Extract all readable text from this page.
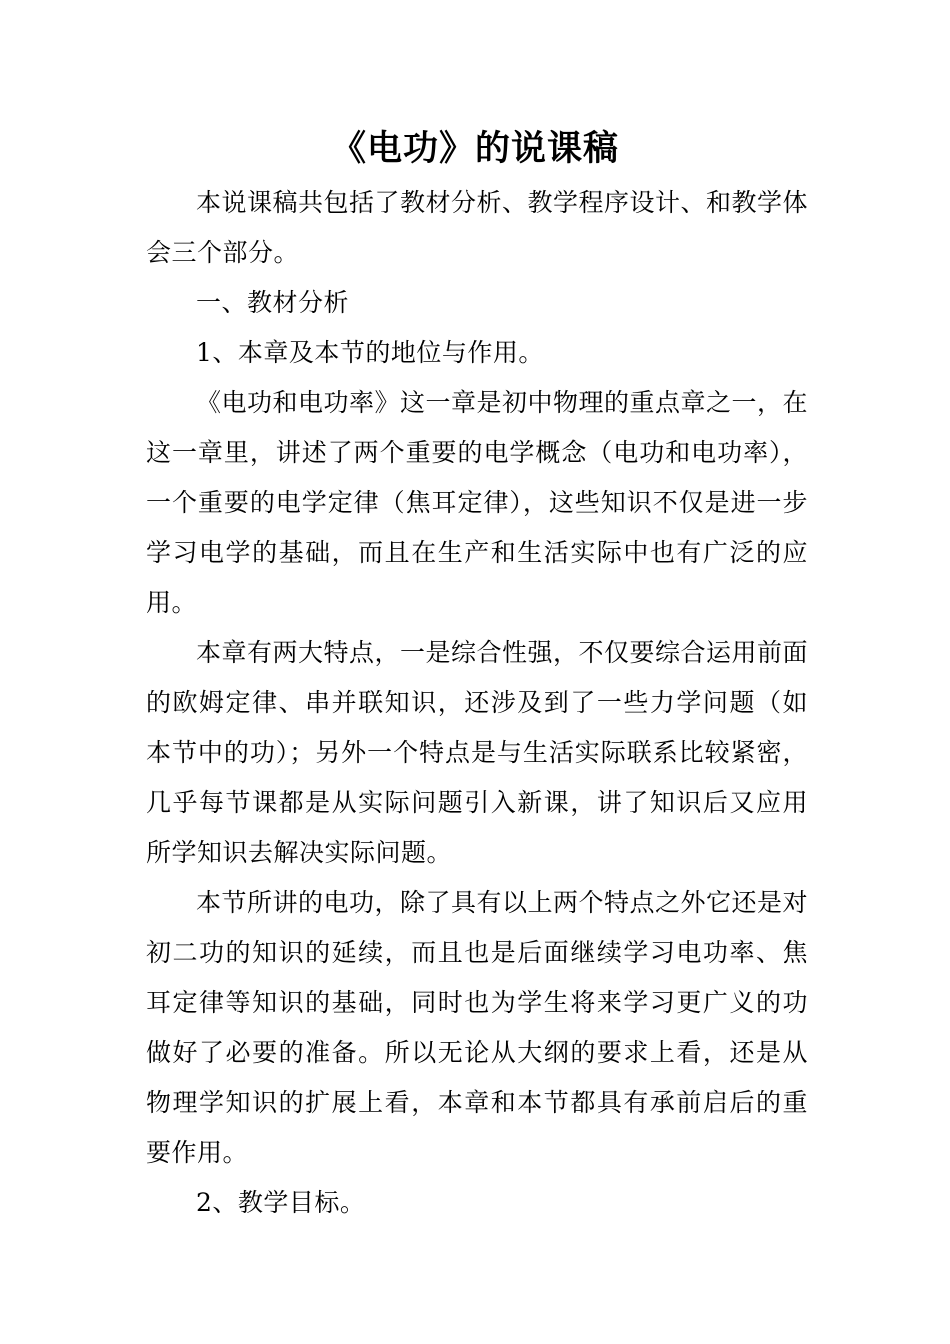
《电功》的说课稿

本说课稿共包括了教材分析、教学程序设计、和教学体会三个部分。

一、教材分析

1、本章及本节的地位与作用。

《电功和电功率》这一章是初中物理的重点章之一，在这一章里，讲述了两个重要的电学概念（电功和电功率），一个重要的电学定律（焦耳定律），这些知识不仅是进一步学习电学的基础，而且在生产和生活实际中也有广泛的应用。

本章有两大特点，一是综合性强，不仅要综合运用前面的欧姆定律、串并联知识，还涉及到了一些力学问题（如本节中的功）；另外一个特点是与生活实际联系比较紧密，几乎每节课都是从实际问题引入新课，讲了知识后又应用所学知识去解决实际问题。

本节所讲的电功，除了具有以上两个特点之外它还是对初二功的知识的延续，而且也是后面继续学习电功率、焦耳定律等知识的基础，同时也为学生将来学习更广义的功做好了必要的准备。所以无论从大纲的要求上看，还是从物理学知识的扩展上看，本章和本节都具有承前启后的重要作用。

2、教学目标。
